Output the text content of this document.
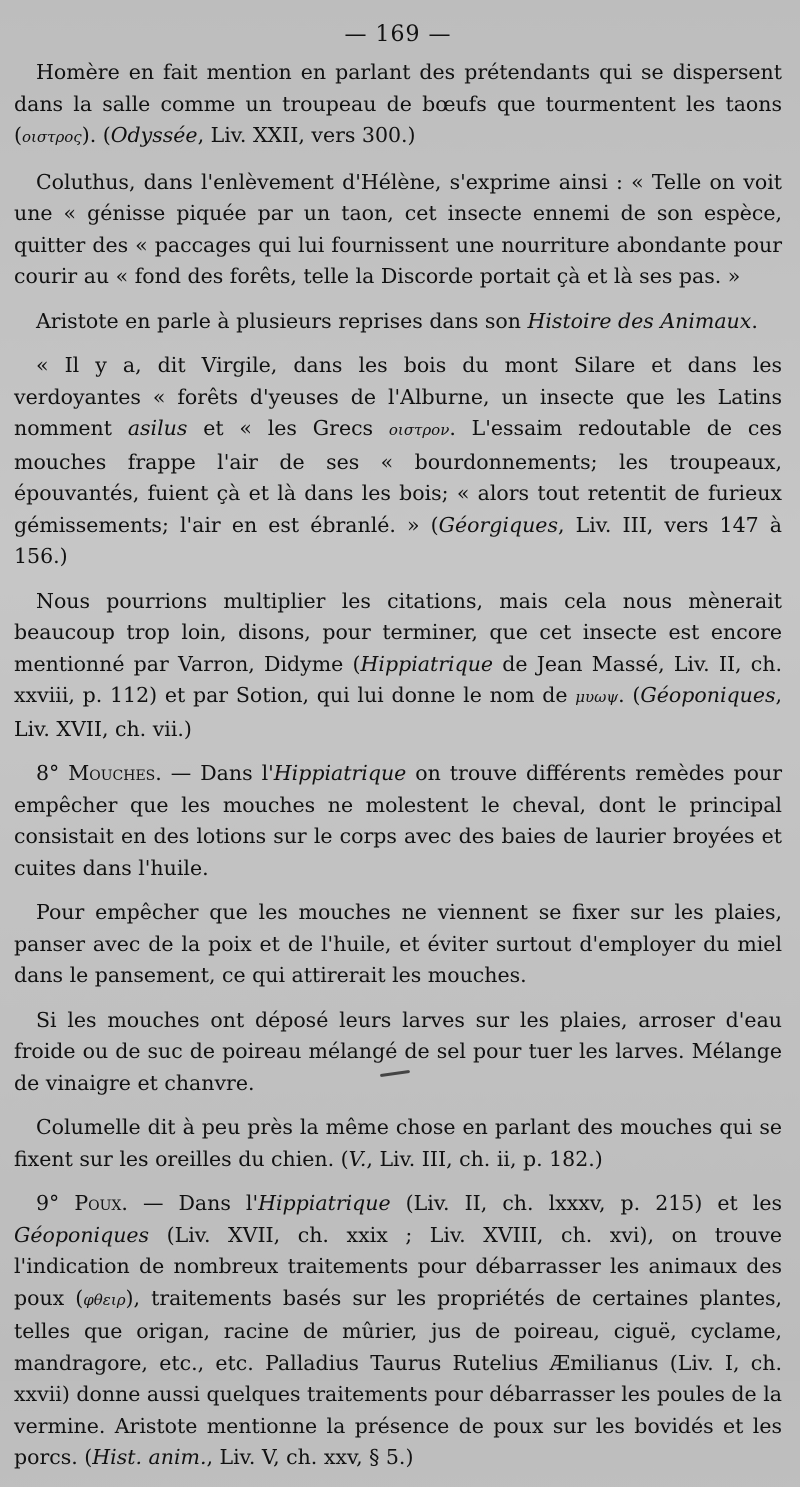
— 169 —

Homère en fait mention en parlant des prétendants qui se dispersent dans la salle comme un troupeau de bœufs que tourmentent les taons (οιστρος). (Odyssée, Liv. XXII, vers 300.)

Coluthus, dans l'enlèvement d'Hélène, s'exprime ainsi : « Telle on voit une « génisse piquée par un taon, cet insecte ennemi de son espèce, quitter des « paccages qui lui fournissent une nourriture abondante pour courir au « fond des forêts, telle la Discorde portait çà et là ses pas. »

Aristote en parle à plusieurs reprises dans son Histoire des Animaux.

« Il y a, dit Virgile, dans les bois du mont Silare et dans les verdoyantes « forêts d'yeuses de l'Alburne, un insecte que les Latins nomment asilus et « les Grecs οιστρον. L'essaim redoutable de ces mouches frappe l'air de ses « bourdonnements; les troupeaux, épouvantés, fuient çà et là dans les bois; « alors tout retentit de furieux gémissements; l'air en est ébranlé. » (Géorgiques, Liv. III, vers 147 à 156.)

Nous pourrions multiplier les citations, mais cela nous mènerait beaucoup trop loin, disons, pour terminer, que cet insecte est encore mentionné par Varron, Didyme (Hippiatrique de Jean Massé, Liv. II, ch. xxviii, p. 112) et par Sotion, qui lui donne le nom de μυωψ. (Géoponiques, Liv. XVII, ch. vii.)

8° Mouches. — Dans l'Hippiatrique on trouve différents remèdes pour empêcher que les mouches ne molestent le cheval, dont le principal consistait en des lotions sur le corps avec des baies de laurier broyées et cuites dans l'huile.

Pour empêcher que les mouches ne viennent se fixer sur les plaies, panser avec de la poix et de l'huile, et éviter surtout d'employer du miel dans le pansement, ce qui attirerait les mouches.

Si les mouches ont déposé leurs larves sur les plaies, arroser d'eau froide ou de suc de poireau mélangé de sel pour tuer les larves. Mélange de vinaigre et chanvre.

Columelle dit à peu près la même chose en parlant des mouches qui se fixent sur les oreilles du chien. (V., Liv. III, ch. ii, p. 182.)

9° Poux. — Dans l'Hippiatrique (Liv. II, ch. lxxxv, p. 215) et les Géoponiques (Liv. XVII, ch. xxix ; Liv. XVIII, ch. xvi), on trouve l'indication de nombreux traitements pour débarrasser les animaux des poux (φθειρ), traitements basés sur les propriétés de certaines plantes, telles que origan, racine de mûrier, jus de poireau, ciguë, cyclame, mandragore, etc., etc. Palladius Taurus Rutelius Æmilianus (Liv. I, ch. xxvii) donne aussi quelques traitements pour débarrasser les poules de la vermine. Aristote mentionne la présence de poux sur les bovidés et les porcs. (Hist. anim., Liv. V, ch. xxv, § 5.)
